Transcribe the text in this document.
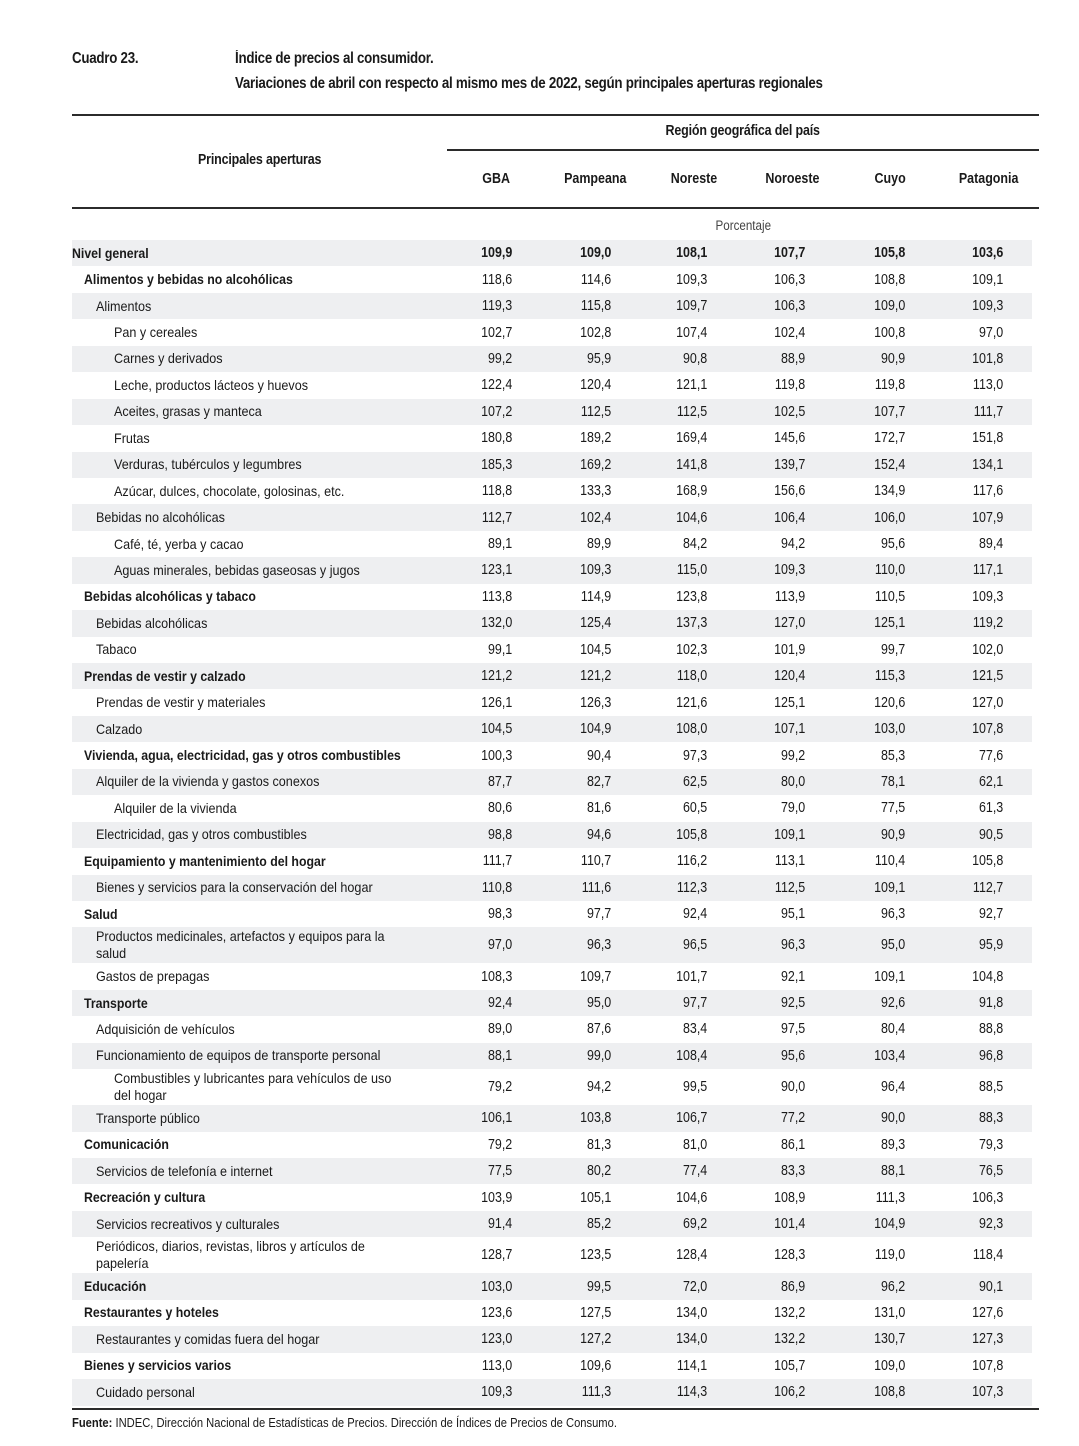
Cuadro 23.	Índice de precios al consumidor.
Variaciones de abril con respecto al mismo mes de 2022, según principales aperturas regionales
Principales aperturas
Región geográfica del país
GBA	Pampeana	Noreste	Noroeste	Cuyo	Patagonia
Porcentaje
Nivel general	109,9	109,0	108,1	107,7	105,8	103,6
Alimentos y bebidas no alcohólicas	118,6	114,6	109,3	106,3	108,8	109,1
Alimentos	119,3	115,8	109,7	106,3	109,0	109,3
Pan y cereales	102,7	102,8	107,4	102,4	100,8	97,0
Carnes y derivados	99,2	95,9	90,8	88,9	90,9	101,8
Leche, productos lácteos y huevos	122,4	120,4	121,1	119,8	119,8	113,0
Aceites, grasas y manteca	107,2	112,5	112,5	102,5	107,7	111,7
Frutas	180,8	189,2	169,4	145,6	172,7	151,8
Verduras, tubérculos y legumbres	185,3	169,2	141,8	139,7	152,4	134,1
Azúcar, dulces, chocolate, golosinas, etc.	118,8	133,3	168,9	156,6	134,9	117,6
Bebidas no alcohólicas	112,7	102,4	104,6	106,4	106,0	107,9
Café, té, yerba y cacao	89,1	89,9	84,2	94,2	95,6	89,4
Aguas minerales, bebidas gaseosas y jugos	123,1	109,3	115,0	109,3	110,0	117,1
Bebidas alcohólicas y tabaco	113,8	114,9	123,8	113,9	110,5	109,3
Bebidas alcohólicas	132,0	125,4	137,3	127,0	125,1	119,2
Tabaco	99,1	104,5	102,3	101,9	99,7	102,0
Prendas de vestir y calzado	121,2	121,2	118,0	120,4	115,3	121,5
Prendas de vestir y materiales	126,1	126,3	121,6	125,1	120,6	127,0
Calzado	104,5	104,9	108,0	107,1	103,0	107,8
Vivienda, agua, electricidad, gas y otros combustibles	100,3	90,4	97,3	99,2	85,3	77,6
Alquiler de la vivienda y gastos conexos	87,7	82,7	62,5	80,0	78,1	62,1
Alquiler de la vivienda	80,6	81,6	60,5	79,0	77,5	61,3
Electricidad, gas y otros combustibles	98,8	94,6	105,8	109,1	90,9	90,5
Equipamiento y mantenimiento del hogar	111,7	110,7	116,2	113,1	110,4	105,8
Bienes y servicios para la conservación del hogar	110,8	111,6	112,3	112,5	109,1	112,7
Salud	98,3	97,7	92,4	95,1	96,3	92,7
Productos medicinales, artefactos y equipos para la salud	97,0	96,3	96,5	96,3	95,0	95,9
Gastos de prepagas	108,3	109,7	101,7	92,1	109,1	104,8
Transporte	92,4	95,0	97,7	92,5	92,6	91,8
Adquisición de vehículos	89,0	87,6	83,4	97,5	80,4	88,8
Funcionamiento de equipos de transporte personal	88,1	99,0	108,4	95,6	103,4	96,8
Combustibles y lubricantes para vehículos de uso del hogar	79,2	94,2	99,5	90,0	96,4	88,5
Transporte público	106,1	103,8	106,7	77,2	90,0	88,3
Comunicación	79,2	81,3	81,0	86,1	89,3	79,3
Servicios de telefonía e internet	77,5	80,2	77,4	83,3	88,1	76,5
Recreación y cultura	103,9	105,1	104,6	108,9	111,3	106,3
Servicios recreativos y culturales	91,4	85,2	69,2	101,4	104,9	92,3
Periódicos, diarios, revistas, libros y artículos de papelería	128,7	123,5	128,4	128,3	119,0	118,4
Educación	103,0	99,5	72,0	86,9	96,2	90,1
Restaurantes y hoteles	123,6	127,5	134,0	132,2	131,0	127,6
Restaurantes y comidas fuera del hogar	123,0	127,2	134,0	132,2	130,7	127,3
Bienes y servicios varios	113,0	109,6	114,1	105,7	109,0	107,8
Cuidado personal	109,3	111,3	114,3	106,2	108,8	107,3
Fuente: INDEC, Dirección Nacional de Estadísticas de Precios. Dirección de Índices de Precios de Consumo.
